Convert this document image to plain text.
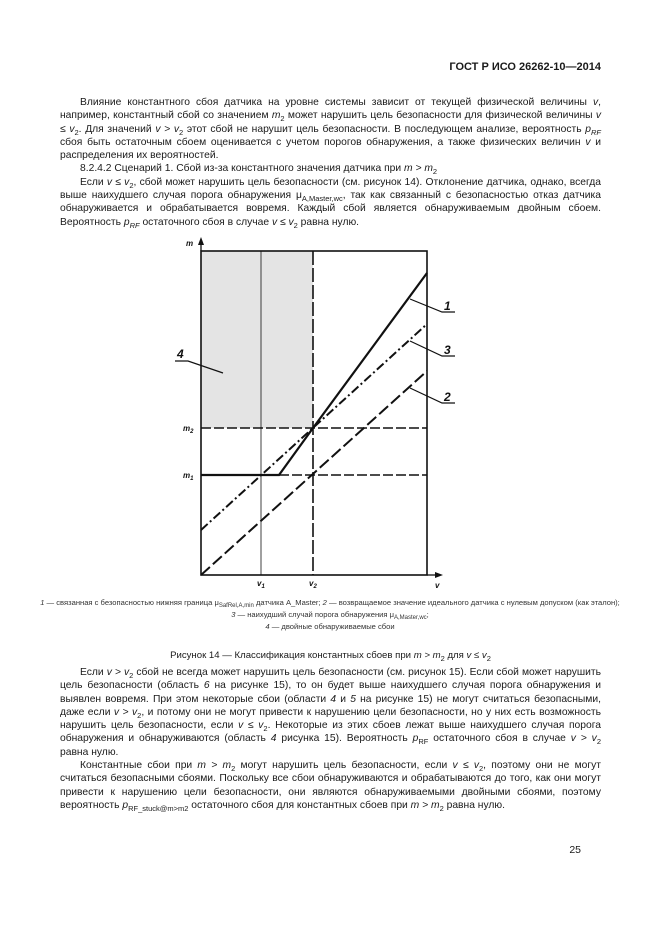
ГОСТ Р ИСО 26262-10—2014

Влияние константного сбоя датчика на уровне системы зависит от текущей физической величины v, например, константный сбой со значением $m_2$ может нарушить цель безопасности для физической величины $v \le v_2$. Для значений $v > v_2$ этот сбой не нарушит цель безопасности. В последующем анализе, вероятность $p_{RF}$ сбоя быть остаточным сбоем оценивается с учетом порогов обнаружения, а также физических величин v и распределения их вероятностей.

8.2.4.2 Сценарий 1. Сбой из-за константного значения датчика при $m > m_2$

Если $v \le v_2$, сбой может нарушить цель безопасности (см. рисунок 14). Отклонение датчика, однако, всегда выше наихудшего случая порога обнаружения $\mu_{A,Master,wc}$, так как связанный с безопасностью отказ датчика обнаруживается и обрабатывается вовремя. Каждый сбой является обнаруживаемым двойным сбоем. Вероятность $p_{RF}$ остаточного сбоя в случае $v \le v_2$ равна нулю.

1
3
2
4
m
v
$m_2$
$m_1$
$v_1$	$v_2$
1 — связанная с безопасностью нижняя граница $\mu_{SafRel,A,min}$ датчика A_Master; 2 — возвращаемое значение идеального датчика с нулевым допуском (как эталон); 3 — наихудший случай порога обнаружения $\mu_{A,Master,wc}$;
4 — двойные обнаруживаемые сбои
Рисунок 14 — Классификация константных сбоев при $m > m_2$ для $v \le v_2$

Если $v > v_2$ сбой не всегда может нарушить цель безопасности (см. рисунок 15). Если сбой может нарушить цель безопасности (область 6 на рисунке 15), то он будет выше наихудшего случая порога обнаружения и выявлен вовремя. При этом некоторые сбои (области 4 и 5 на рисунке 15) не могут считаться безопасными, даже если $v > v_2$, и потому они не могут привести к нарушению цели безопасности, но у них есть возможность нарушить цель безопасности, если $v \le v_2$. Некоторые из этих сбоев лежат выше наихудшего случая порога обнаружения и обнаруживаются (область 4 рисунка 15). Вероятность $p_{RF}$ остаточного сбоя в случае $v > v_2$ равна нулю.

Константные сбои при $m > m_2$ могут нарушить цель безопасности, если $v \le v_2$, поэтому они не могут считаться безопасными сбоями. Поскольку все сбои обнаруживаются и обрабатываются до того, как они могут привести к нарушению цели безопасности, они являются обнаруживаемыми двойными сбоями, поэтому вероятность $p_{RF\_stuck@m>m2}$ остаточного сбоя для константных сбоев при $m > m_2$ равна нулю.

25
